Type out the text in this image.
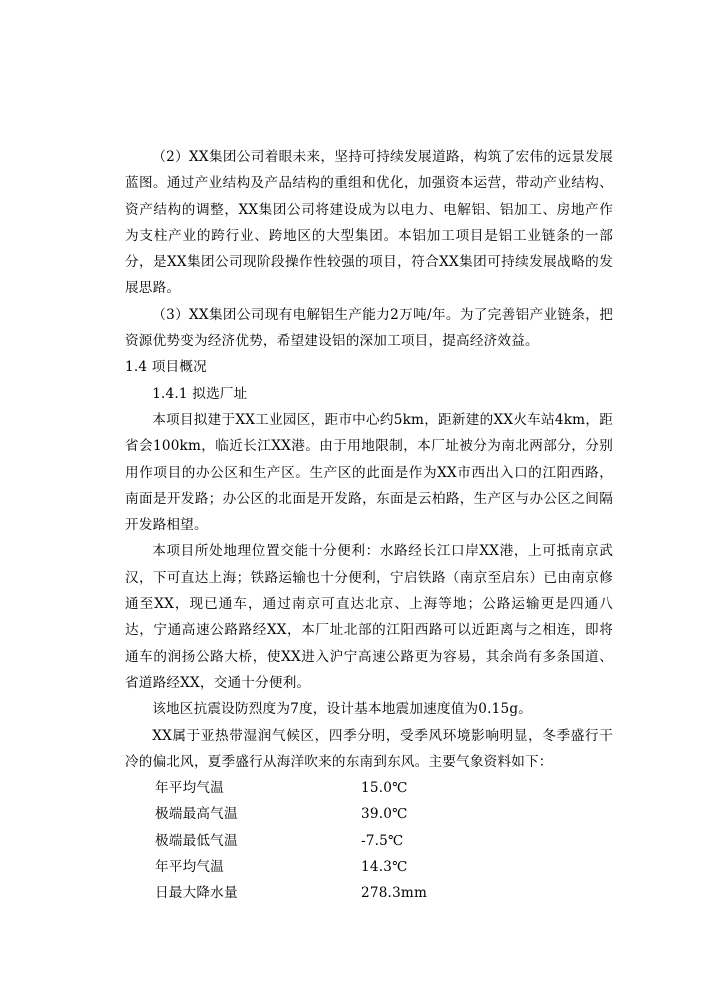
（2）XX集团公司着眼未来，坚持可持续发展道路，构筑了宏伟的远景发展蓝图。通过产业结构及产品结构的重组和优化，加强资本运营，带动产业结构、资产结构的调整，XX集团公司将建设成为以电力、电解铝、铝加工、房地产作为支柱产业的跨行业、跨地区的大型集团。本铝加工项目是铝工业链条的一部分，是XX集团公司现阶段操作性较强的项目，符合XX集团可持续发展战略的发展思路。

（3）XX集团公司现有电解铝生产能力2万吨/年。为了完善铝产业链条，把资源优势变为经济优势，希望建设铝的深加工项目，提高经济效益。

1.4 项目概况

1.4.1 拟选厂址

本项目拟建于XX工业园区，距市中心约5km，距新建的XX火车站4km，距省会100km，临近长江XX港。由于用地限制，本厂址被分为南北两部分，分别用作项目的办公区和生产区。生产区的此面是作为XX市西出入口的江阳西路，南面是开发路；办公区的北面是开发路，东面是云柏路，生产区与办公区之间隔开发路相望。

本项目所处地理位置交能十分便利：水路经长江口岸XX港，上可抵南京武汉，下可直达上海；铁路运输也十分便利，宁启铁路（南京至启东）已由南京修通至XX，现已通车，通过南京可直达北京、上海等地；公路运输更是四通八达，宁通高速公路路经XX，本厂址北部的江阳西路可以近距离与之相连，即将通车的润扬公路大桥，使XX进入沪宁高速公路更为容易，其余尚有多条国道、省道路经XX，交通十分便利。

该地区抗震设防烈度为7度，设计基本地震加速度值为0.15g。

XX属于亚热带湿润气候区，四季分明，受季风环境影响明显，冬季盛行干冷的偏北风，夏季盛行从海洋吹来的东南到东风。主要气象资料如下：

年平均气温	15.0℃
极端最高气温	39.0℃
极端最低气温	-7.5℃
年平均气温	14.3℃
日最大降水量	278.3mm
